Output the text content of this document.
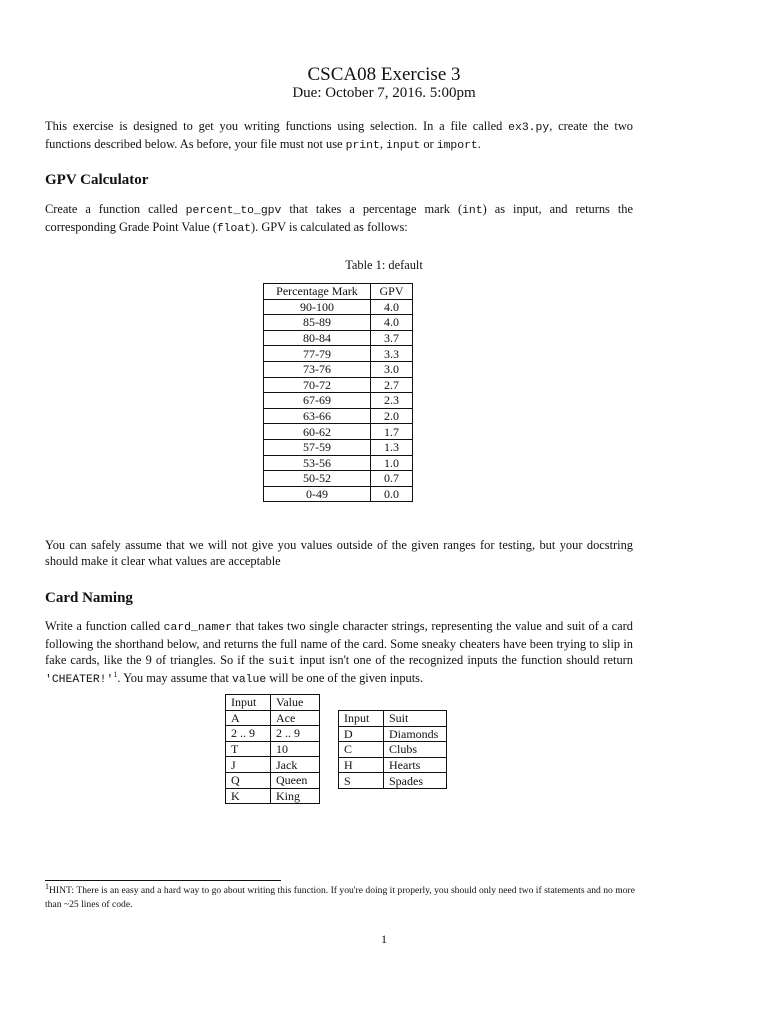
CSCA08 Exercise 3
Due: October 7, 2016. 5:00pm
This exercise is designed to get you writing functions using selection. In a file called ex3.py, create the two functions described below. As before, your file must not use print, input or import.
GPV Calculator
Create a function called percent_to_gpv that takes a percentage mark (int) as input, and returns the corresponding Grade Point Value (float). GPV is calculated as follows:
Table 1: default
Percentage Mark	GPV
90-100	4.0
85-89	4.0
80-84	3.7
77-79	3.3
73-76	3.0
70-72	2.7
67-69	2.3
63-66	2.0
60-62	1.7
57-59	1.3
53-56	1.0
50-52	0.7
0-49	0.0
You can safely assume that we will not give you values outside of the given ranges for testing, but your docstring should make it clear what values are acceptable
Card Naming
Write a function called card_namer that takes two single character strings, representing the value and suit of a card following the shorthand below, and returns the full name of the card. Some sneaky cheaters have been trying to slip in fake cards, like the 9 of triangles. So if the suit input isn't one of the recognized inputs the function should return '$CHEATER!'^1$. You may assume that value will be one of the given inputs.
Input	Value
A	Ace
2 .. 9	2 .. 9
T	10
J	Jack
Q	Queen
K	King
Input	Suit
D	Diamonds
C	Clubs
H	Hearts
S	Spades
$^1$HINT: There is an easy and a hard way to go about writing this function. If you're doing it properly, you should only need two if statements and no more than ~25 lines of code.
1
